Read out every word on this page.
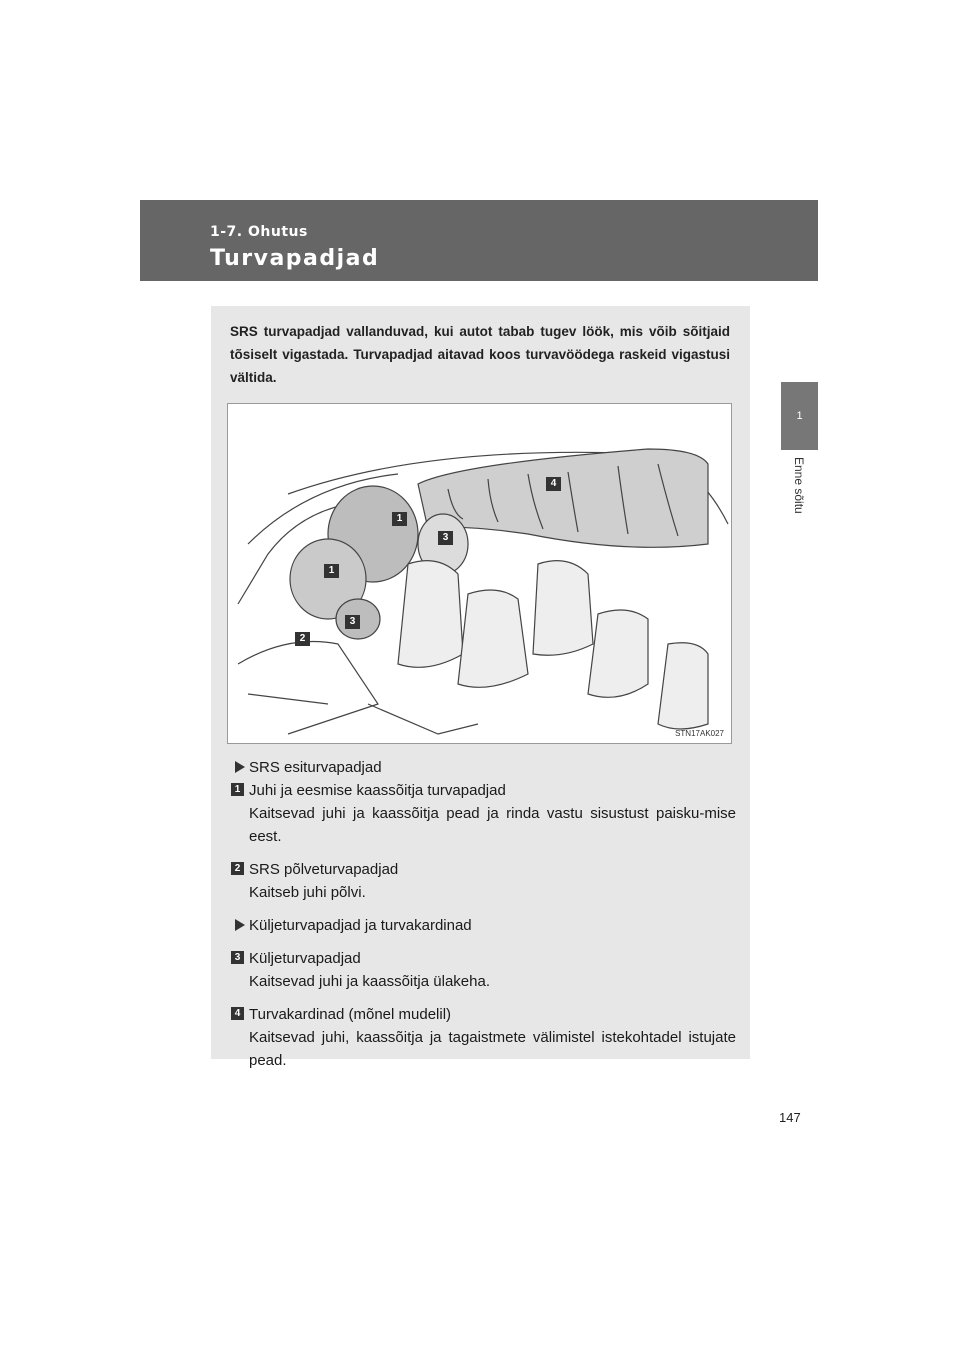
1-7. Ohutus
Turvapadjad
1
Enne sõitu
SRS turvapadjad vallanduvad, kui autot tabab tugev löök, mis võib sõitjaid tõsiselt vigastada. Turvapadjad aitavad koos turvavöödega raskeid vigastusi vältida.
1
1
2
3
3
4
STN17AK027
SRS esiturvapadjad
1 Juhi ja eesmise kaassõitja turvapadjad
Kaitsevad juhi ja kaassõitja pead ja rinda vastu sisustust paisku-mise eest.
2 SRS põlveturvapadjad
Kaitseb juhi põlvi.
Küljeturvapadjad ja turvakardinad
3 Küljeturvapadjad
Kaitsevad juhi ja kaassõitja ülakeha.
4 Turvakardinad (mõnel mudelil)
Kaitsevad juhi, kaassõitja ja tagaistmete välimistel istekohtadel istujate pead.
147
